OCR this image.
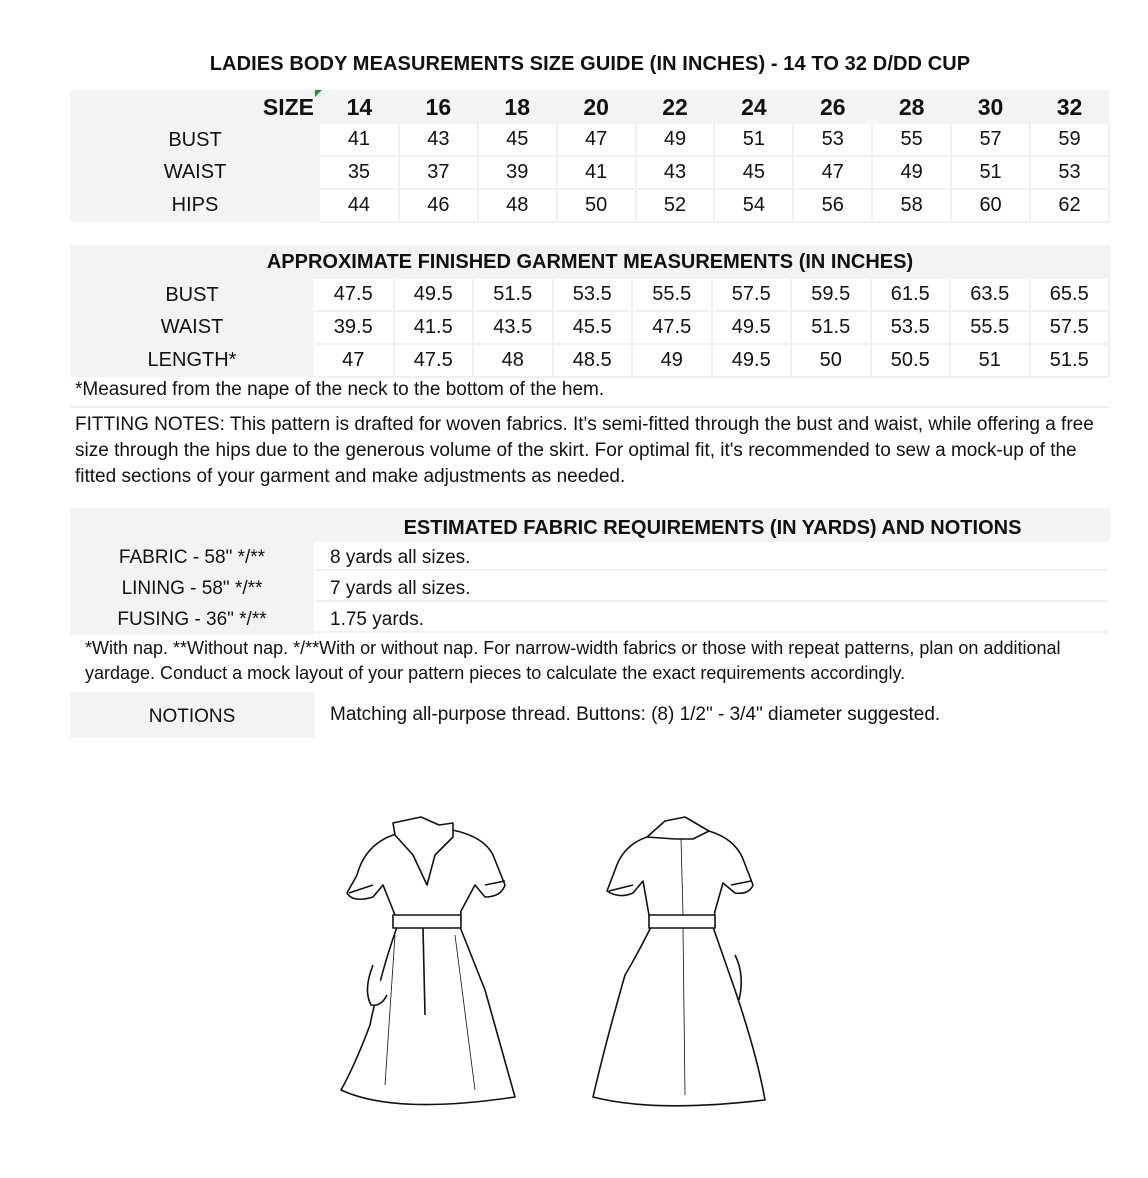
LADIES BODY MEASUREMENTS SIZE GUIDE (IN INCHES) - 14 TO 32 D/DD CUP
SIZE	14	16	18	20	22	24	26	28	30	32
BUST	41	43	45	47	49	51	53	55	57	59
WAIST	35	37	39	41	43	45	47	49	51	53
HIPS	44	46	48	50	52	54	56	58	60	62
APPROXIMATE FINISHED GARMENT MEASUREMENTS (IN INCHES)
BUST	47.5	49.5	51.5	53.5	55.5	57.5	59.5	61.5	63.5	65.5
WAIST	39.5	41.5	43.5	45.5	47.5	49.5	51.5	53.5	55.5	57.5
LENGTH*	47	47.5	48	48.5	49	49.5	50	50.5	51	51.5
*Measured from the nape of the neck to the bottom of the hem.
FITTING NOTES: This pattern is drafted for woven fabrics. It's semi-fitted through the bust and waist, while offering a free size through the hips due to the generous volume of the skirt. For optimal fit, it's recommended to sew a mock-up of the fitted sections of your garment and make adjustments as needed.
ESTIMATED FABRIC REQUIREMENTS (IN YARDS) AND NOTIONS
FABRIC - 58" */**	8 yards all sizes.
LINING - 58" */**	7 yards all sizes.
FUSING - 36" */**	1.75 yards.
*With nap. **Without nap. */**With or without nap. For narrow-width fabrics or those with repeat patterns, plan on additional yardage. Conduct a mock layout of your pattern pieces to calculate the exact requirements accordingly.
NOTIONS	Matching all-purpose thread. Buttons: (8) 1/2" - 3/4" diameter suggested.
